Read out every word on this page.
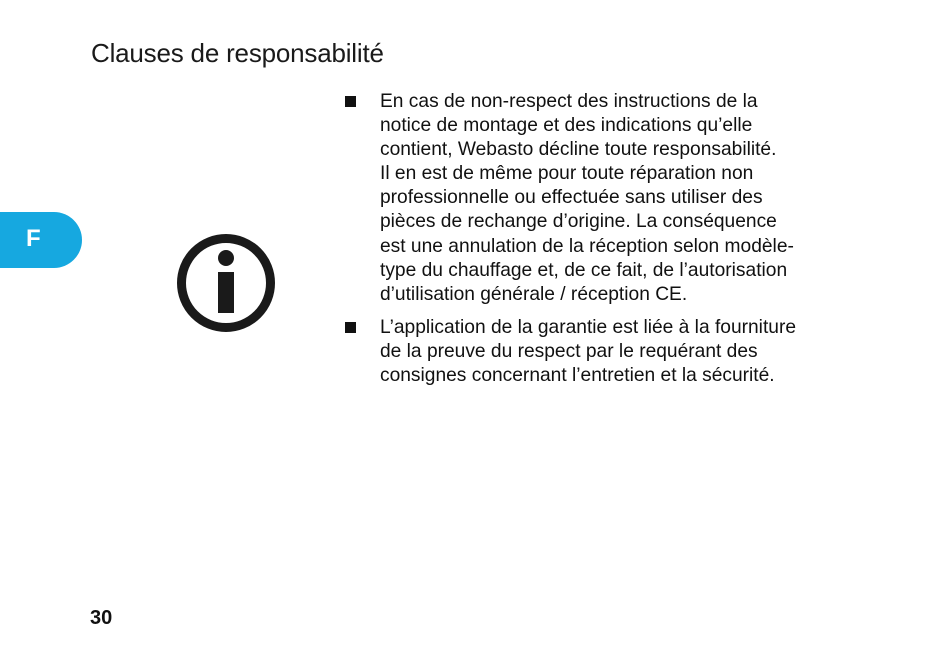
Clauses de responsabilité
F
En cas de non-respect des instructions de la
notice de montage et des indications qu’elle
contient, Webasto décline toute responsabilité.
Il en est de même pour toute réparation non
professionnelle ou effectuée sans utiliser des
pièces de rechange d’origine. La conséquence
est une annulation de la réception selon modèle-
type du chauffage et, de ce fait, de l’autorisation
d’utilisation générale / réception CE.
L’application de la garantie est liée à la fourniture
de la preuve du respect par le requérant des
consignes concernant l’entretien et la sécurité.
30
